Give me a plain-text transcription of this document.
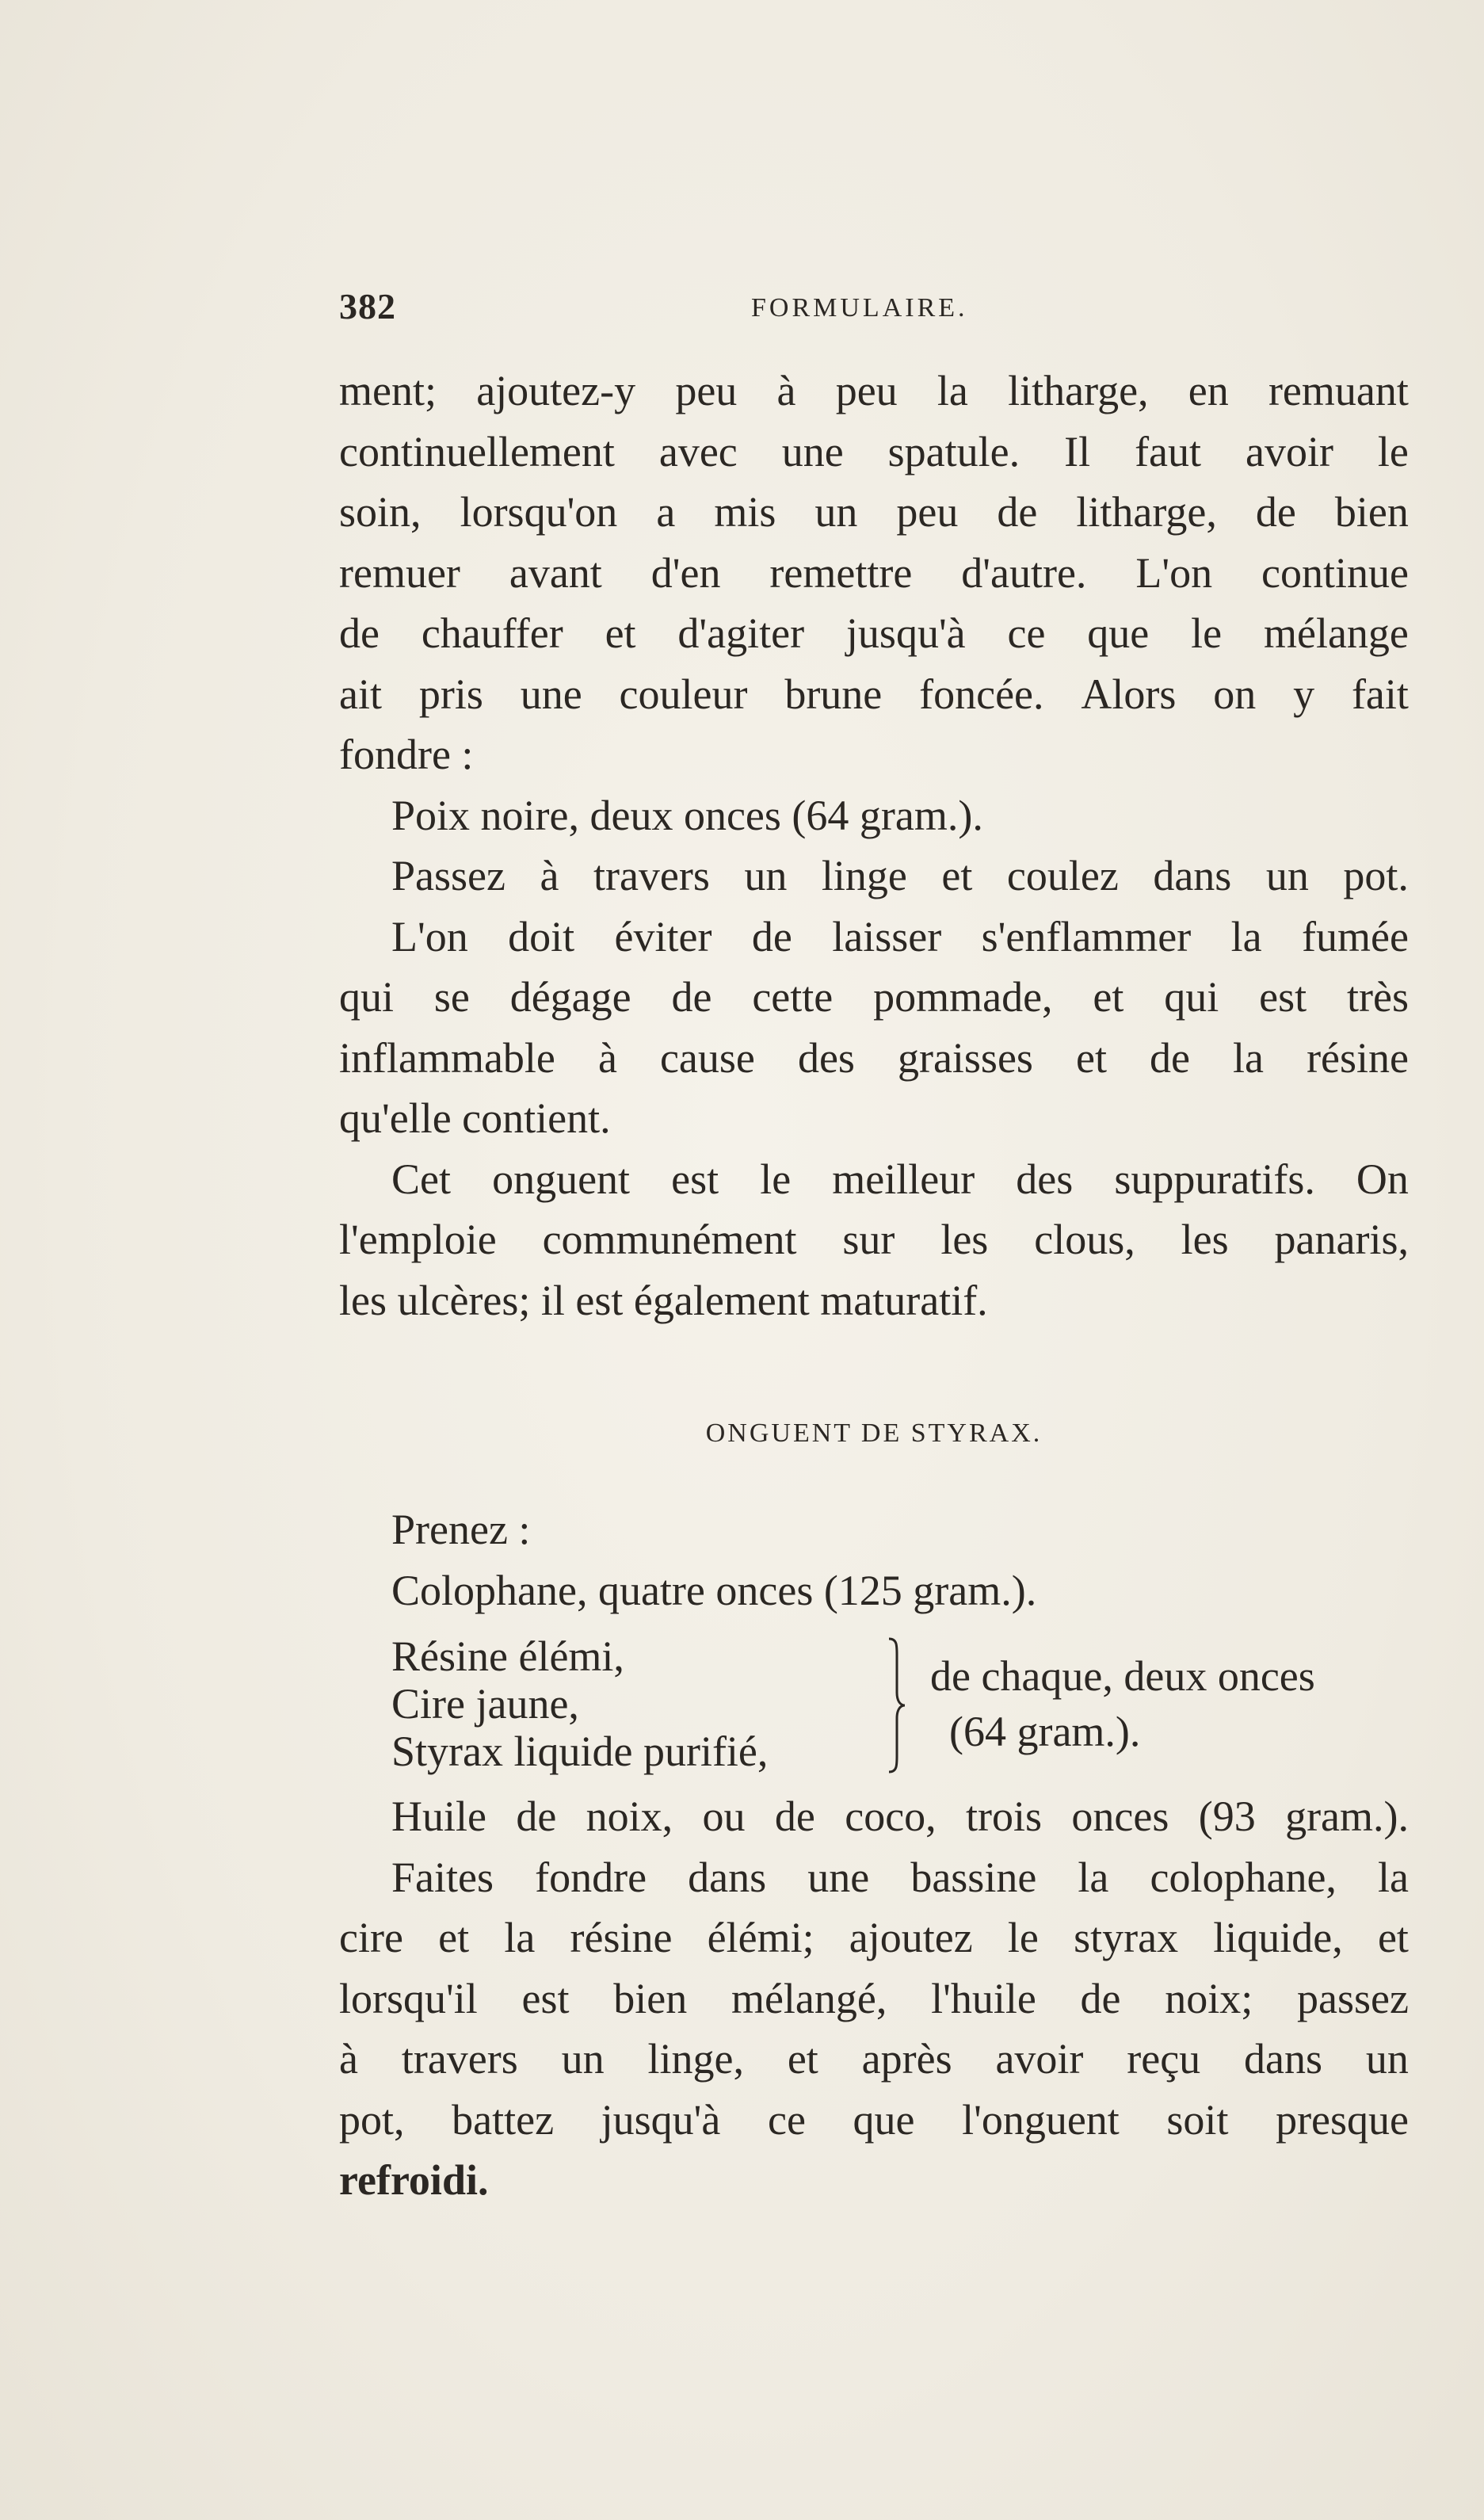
382	FORMULAIRE.
ment; ajoutez-y peu à peu la litharge, en remuant
continuellement avec une spatule. Il faut avoir le
soin, lorsqu'on a mis un peu de litharge, de bien
remuer avant d'en remettre d'autre. L'on continue
de chauffer et d'agiter jusqu'à ce que le mélange
ait pris une couleur brune foncée. Alors on y fait
fondre :
Poix noire, deux onces (64 gram.).
Passez à travers un linge et coulez dans un pot.
L'on doit éviter de laisser s'enflammer la fumée
qui se dégage de cette pommade, et qui est très
inflammable à cause des graisses et de la résine
qu'elle contient.
Cet onguent est le meilleur des suppuratifs. On
l'emploie communément sur les clous, les panaris,
les ulcères; il est également maturatif.
ONGUENT DE STYRAX.
Prenez :
Colophane, quatre onces (125 gram.).
Résine élémi,
Cire jaune,
Styrax liquide purifié,
de chaque, deux onces
(64 gram.).
Huile de noix, ou de coco, trois onces (93 gram.).
Faites fondre dans une bassine la colophane, la
cire et la résine élémi; ajoutez le styrax liquide, et
lorsqu'il est bien mélangé, l'huile de noix; passez
à travers un linge, et après avoir reçu dans un
pot, battez jusqu'à ce que l'onguent soit presque
refroidi.
